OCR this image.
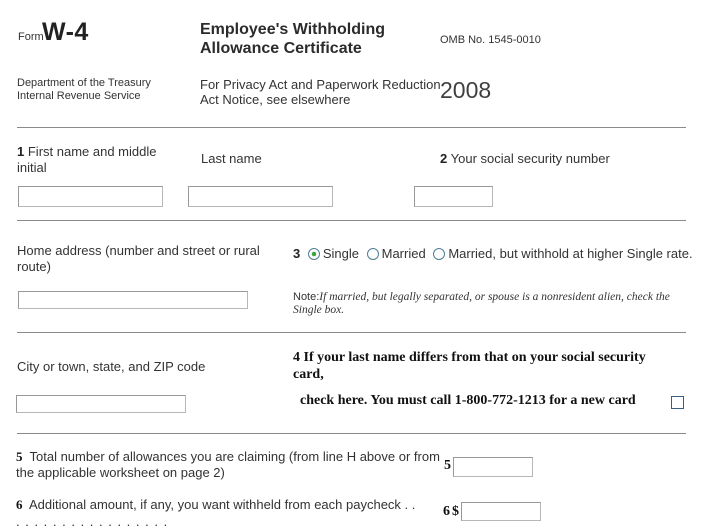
Form
W-4	Employee's Withholding Allowance Certificate	OMB No. 1545-0010
Department of the Treasury
Internal Revenue Service
For Privacy Act and Paperwork Reduction Act Notice, see elsewhere	2008
1 First name and middle initial
Last name	2 Your social security number
Home address (number and street or rural route)
3 Single Married Married, but withhold at higher Single rate.
Note:If married, but legally separated, or spouse is a nonresident alien, check the Single box.
City or town, state, and ZIP code
4 If your last name differs from that on your social security card,
check here. You must call 1-800-772-1213 for a new card
5 Total number of allowances you are claiming (from line H above or from the applicable worksheet on page 2)	5
6 Additional amount, if any, you want withheld from each paycheck . .
. . . . . . . . . . . . . . . . .
6 $
